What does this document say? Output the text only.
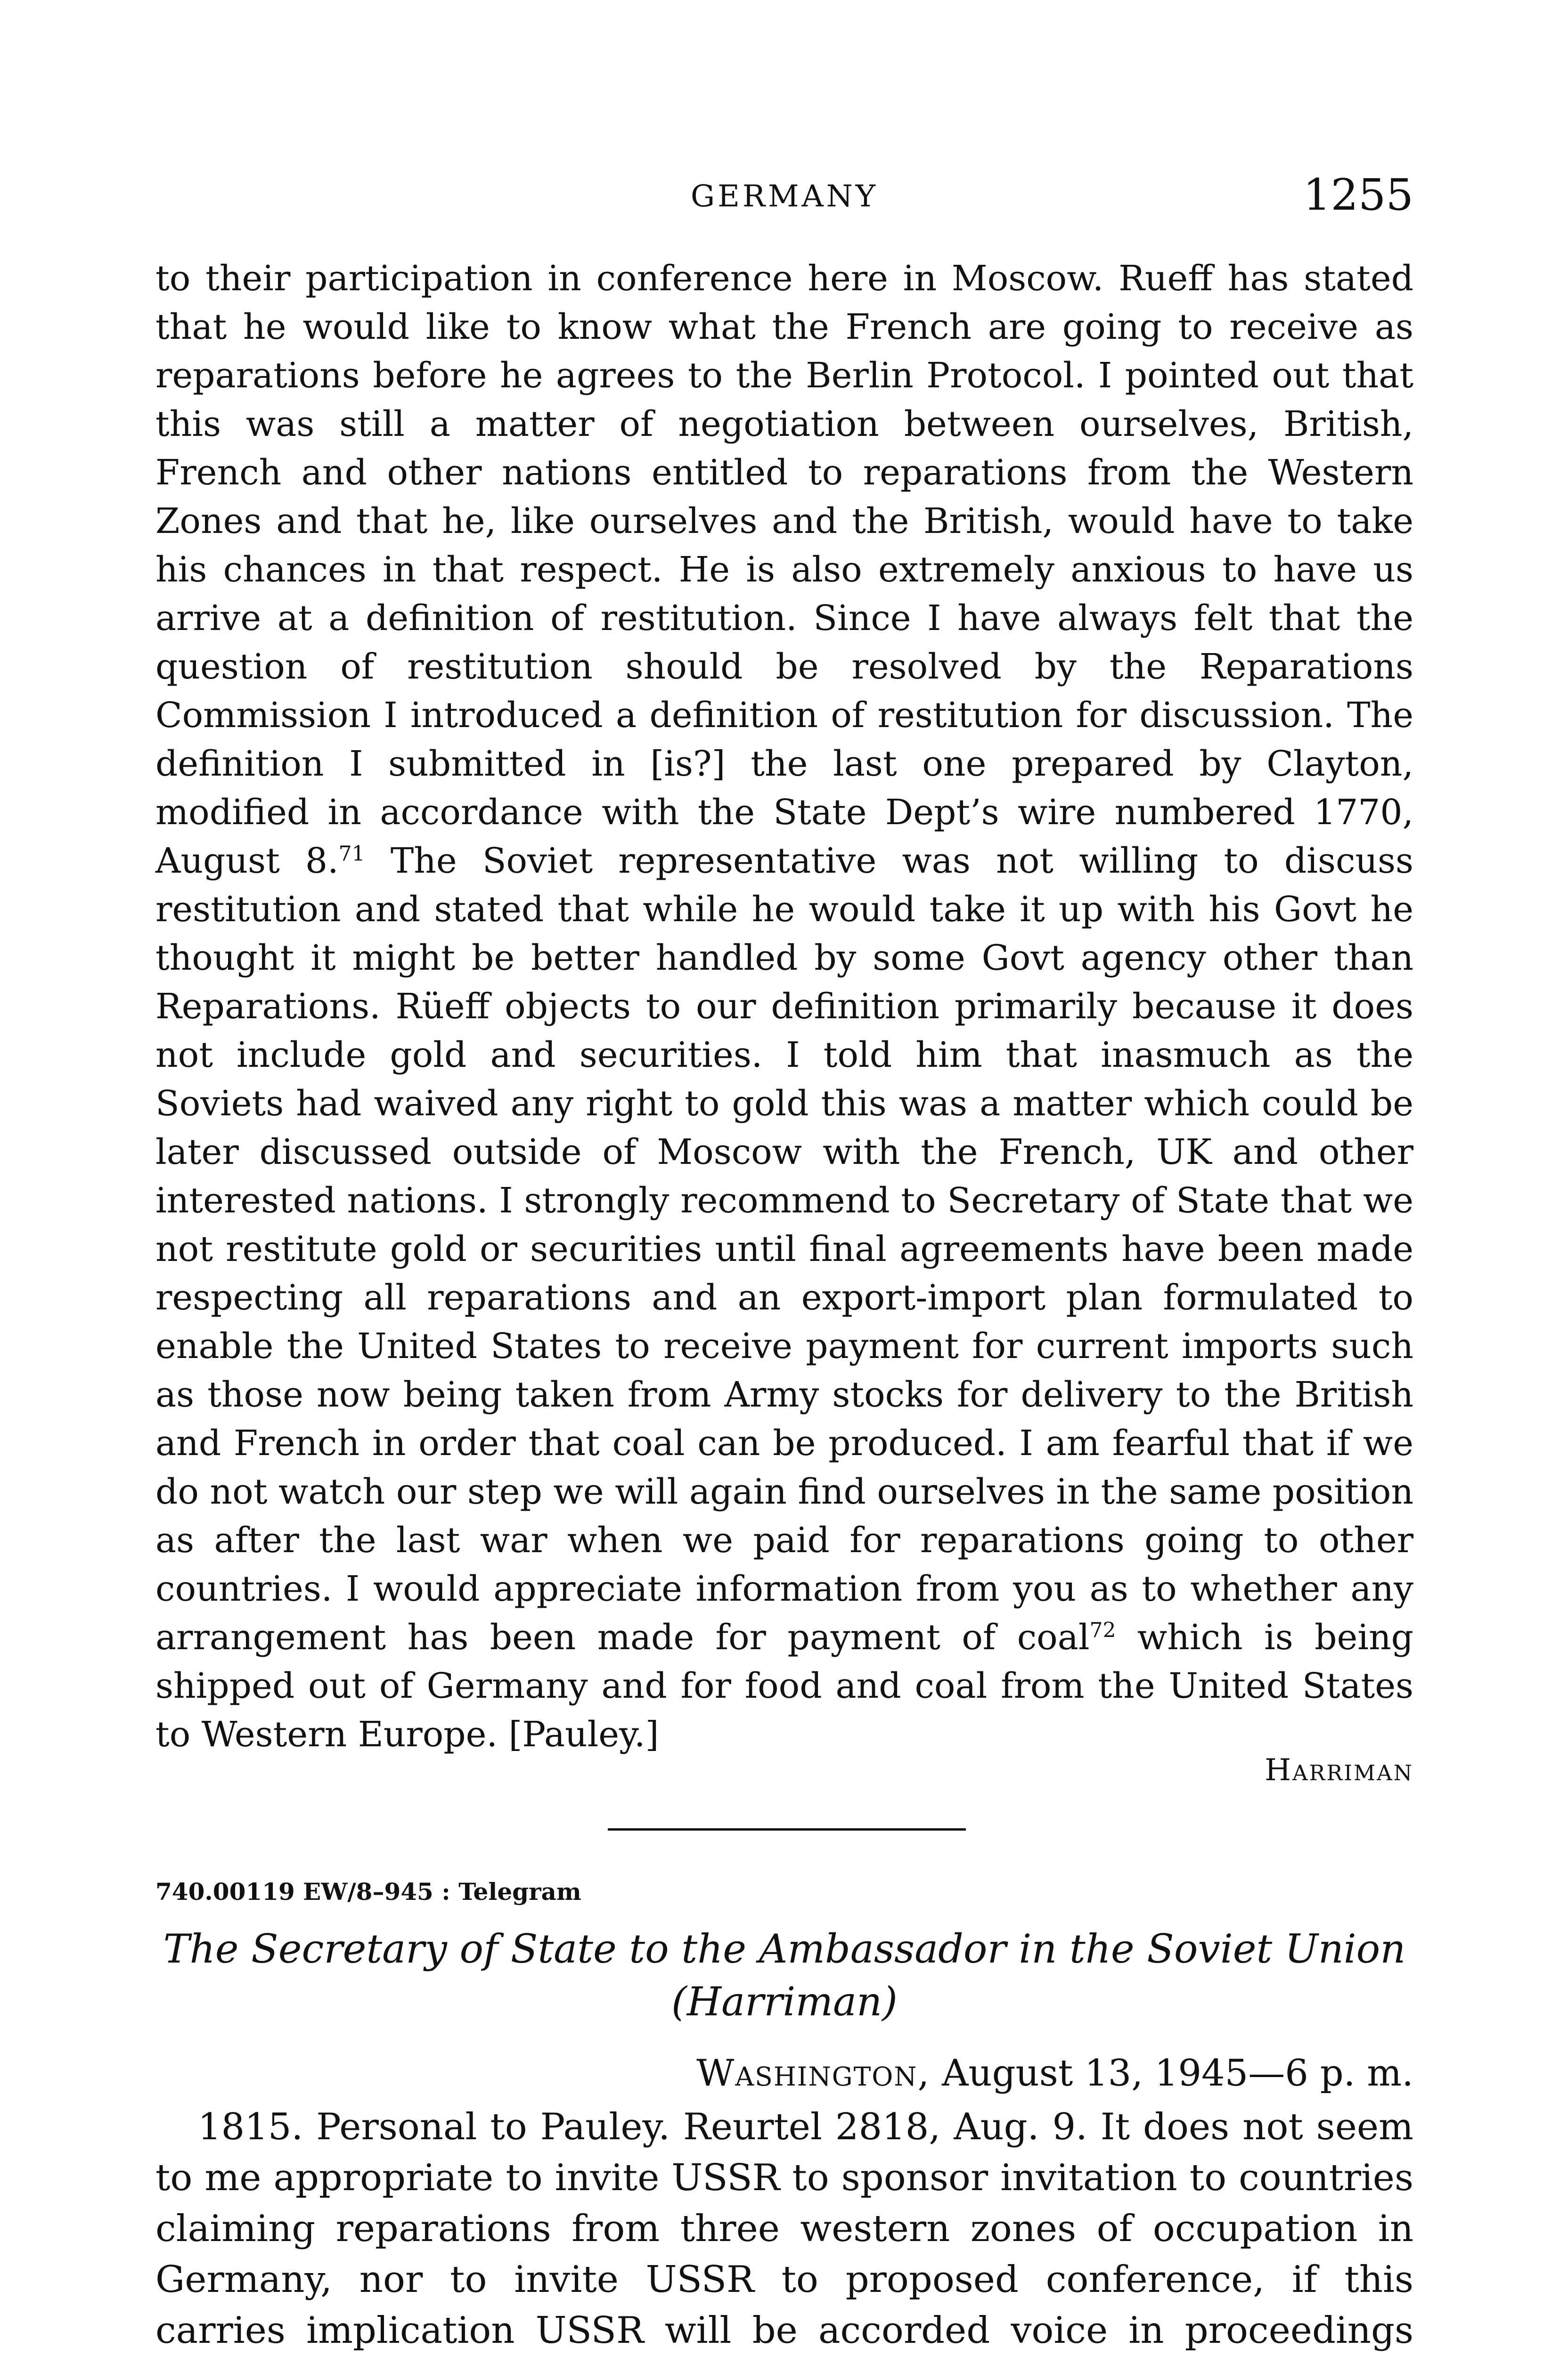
GERMANY	1255

to their participation in conference here in Moscow. Rueff has stated that he would like to know what the French are going to receive as reparations before he agrees to the Berlin Protocol. I pointed out that this was still a matter of negotiation between ourselves, British, French and other nations entitled to reparations from the Western Zones and that he, like ourselves and the British, would have to take his chances in that respect. He is also extremely anxious to have us arrive at a definition of restitution. Since I have always felt that the question of restitution should be resolved by the Reparations Commission I introduced a definition of restitution for discussion. The definition I submitted in [is?] the last one prepared by Clayton, modified in accordance with the State Dept’s wire numbered 1770, August 8.71 The Soviet representative was not willing to discuss restitution and stated that while he would take it up with his Govt he thought it might be better handled by some Govt agency other than Reparations. Rüeff objects to our definition primarily because it does not include gold and securities. I told him that inasmuch as the Soviets had waived any right to gold this was a matter which could be later discussed outside of Moscow with the French, UK and other interested nations. I strongly recommend to Secretary of State that we not restitute gold or securities until final agreements have been made respecting all reparations and an export-import plan formulated to enable the United States to receive payment for current imports such as those now being taken from Army stocks for delivery to the British and French in order that coal can be produced. I am fearful that if we do not watch our step we will again find ourselves in the same position as after the last war when we paid for reparations going to other countries. I would appreciate information from you as to whether any arrangement has been made for payment of coal$^{72}$ which is being shipped out of Germany and for food and coal from the United States to Western Europe. [Pauley.]

Harriman
740.00119 EW/8–945 : Telegram
The Secretary of State to the Ambassador in the Soviet Union
(Harriman)
Washington, August 13, 1945—6 p. m.

1815. Personal to Pauley. Reurtel 2818, Aug. 9. It does not seem to me appropriate to invite USSR to sponsor invitation to countries claiming reparations from three western zones of occupation in Germany, nor to invite USSR to proposed conference, if this carries implication USSR will be accorded voice in proceedings
